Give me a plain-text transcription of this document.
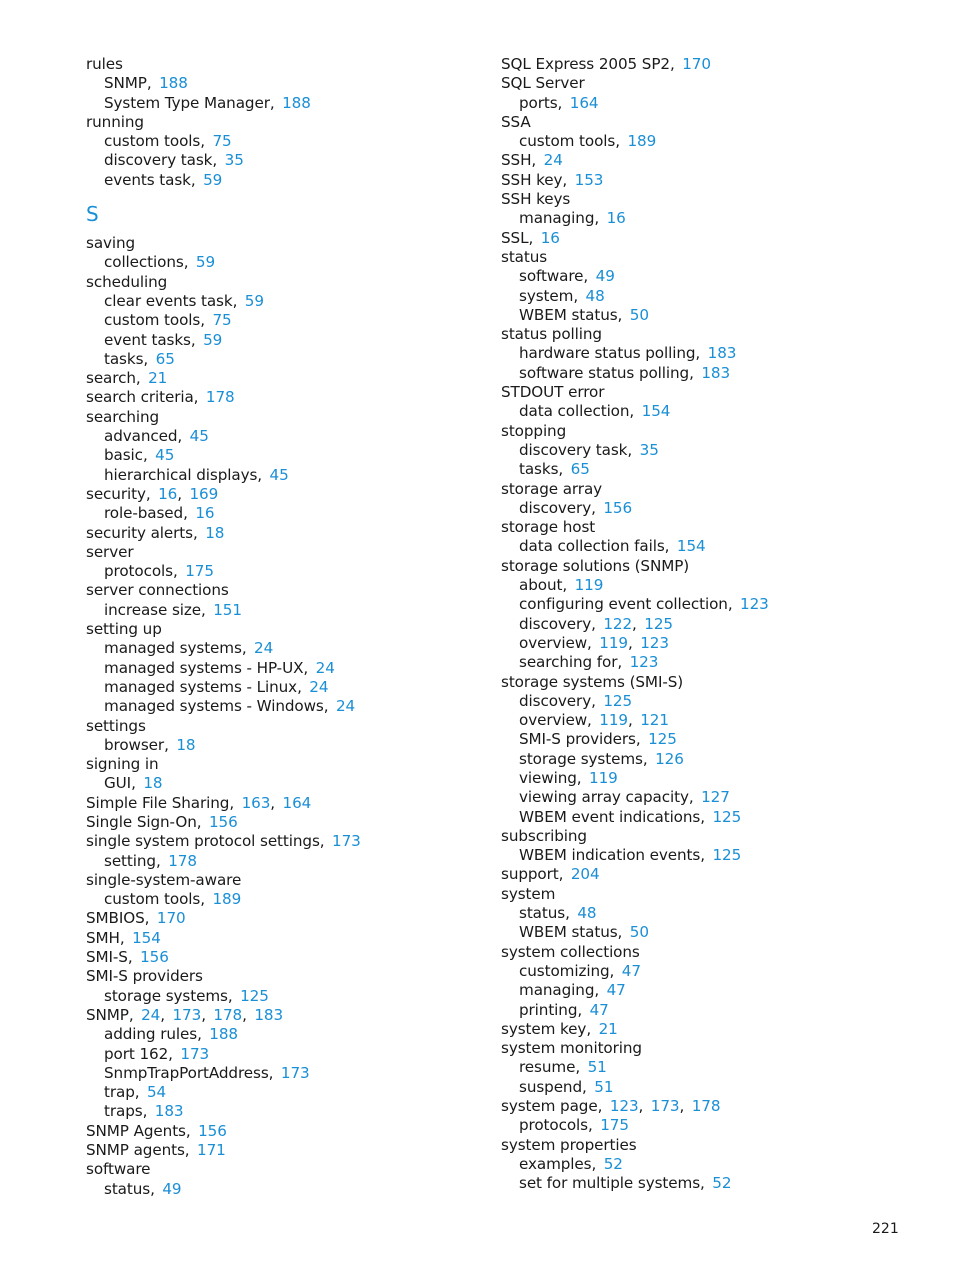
rules
SNMP, 188
System Type Manager, 188
running
custom tools, 75
discovery task, 35
events task, 59
S
saving
collections, 59
scheduling
clear events task, 59
custom tools, 75
event tasks, 59
tasks, 65
search, 21
search criteria, 178
searching
advanced, 45
basic, 45
hierarchical displays, 45
security, 16, 169
role-based, 16
security alerts, 18
server
protocols, 175
server connections
increase size, 151
setting up
managed systems, 24
managed systems - HP-UX, 24
managed systems - Linux, 24
managed systems - Windows, 24
settings
browser, 18
signing in
GUI, 18
Simple File Sharing, 163, 164
Single Sign-On, 156
single system protocol settings, 173
setting, 178
single-system-aware
custom tools, 189
SMBIOS, 170
SMH, 154
SMI-S, 156
SMI-S providers
storage systems, 125
SNMP, 24, 173, 178, 183
adding rules, 188
port 162, 173
SnmpTrapPortAddress, 173
trap, 54
traps, 183
SNMP Agents, 156
SNMP agents, 171
software
status, 49
SQL Express 2005 SP2, 170
SQL Server
ports, 164
SSA
custom tools, 189
SSH, 24
SSH key, 153
SSH keys
managing, 16
SSL, 16
status
software, 49
system, 48
WBEM status, 50
status polling
hardware status polling, 183
software status polling, 183
STDOUT error
data collection, 154
stopping
discovery task, 35
tasks, 65
storage array
discovery, 156
storage host
data collection fails, 154
storage solutions (SNMP)
about, 119
configuring event collection, 123
discovery, 122, 125
overview, 119, 123
searching for, 123
storage systems (SMI-S)
discovery, 125
overview, 119, 121
SMI-S providers, 125
storage systems, 126
viewing, 119
viewing array capacity, 127
WBEM event indications, 125
subscribing
WBEM indication events, 125
support, 204
system
status, 48
WBEM status, 50
system collections
customizing, 47
managing, 47
printing, 47
system key, 21
system monitoring
resume, 51
suspend, 51
system page, 123, 173, 178
protocols, 175
system properties
examples, 52
set for multiple systems, 52
221
